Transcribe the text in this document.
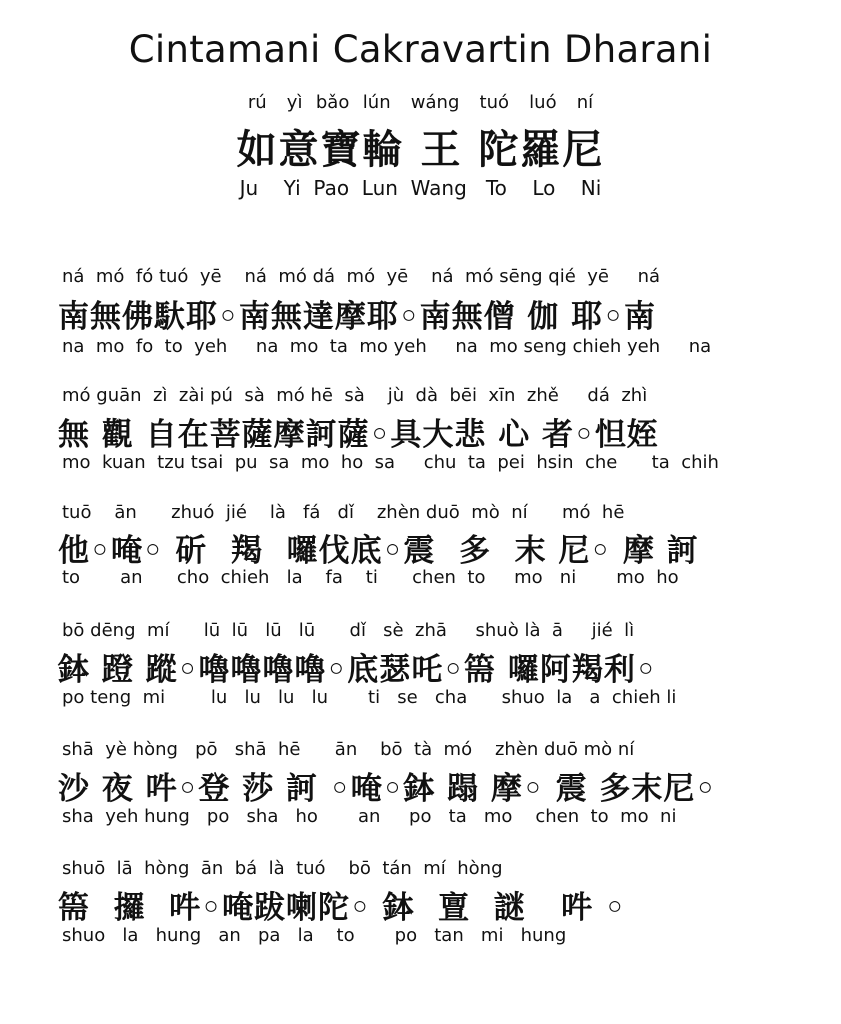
Cintamani Cakravartin Dharani
rú   yì  bǎo  lún   wáng   tuó   luó   ní
如意寶輪 王 陀羅尼
Ju    Yi  Pao  Lun  Wang   To    Lo    Ni
ná  mó  fó tuó  yē    ná  mó dá  mó  yē    ná  mó sēng qié  yē     ná
南無佛馱耶◦南無達摩耶◦南無僧 伽 耶◦南
na  mo  fo  to  yeh     na  mo  ta  mo yeh     na  mo seng chieh yeh     na
mó guān  zì  zài pú  sà  mó hē  sà    jù  dà  bēi  xīn  zhě     dá  zhì
無 觀 自在菩薩摩訶薩◦具大悲 心 者◦怛姪
mo  kuan  tzu tsai  pu  sa  mo  ho  sa     chu  ta  pei  hsin  che      ta  chih
tuō    ān      zhuó  jié    là   fá   dǐ    zhèn duō  mò  ní      mó  hē
他◦唵◦ 斫  羯  囉伐底◦震  多  末 尼◦ 摩 訶
to       an      cho  chieh   la    fa    ti      chen  to     mo   ni       mo  ho
bō dēng  mí      lū  lū   lū   lū      dǐ   sè  zhā     shuò là  ā     jié  lì
鉢 蹬 蹤◦嚕嚕嚕嚕◦底瑟吒◦篅 囉阿羯利◦
po teng  mi        lu   lu   lu   lu       ti   se   cha      shuo  la   a  chieh li
shā  yè hòng   pō   shā  hē      ān    bō  tà  mó    zhèn duō mò ní
沙 夜 吽◦登 莎 訶 ◦唵◦鉢 蹋 摩◦ 震 多末尼◦
sha  yeh hung   po   sha   ho       an     po   ta   mo    chen  to  mo  ni
shuō  lā  hòng  ān  bá  là  tuó    bō  tán  mí  hòng
篅  攞  吽◦唵跋喇陀◦ 鉢  亶  謎   吽 ◦
shuo   la   hung   an   pa   la    to       po   tan   mi   hung
